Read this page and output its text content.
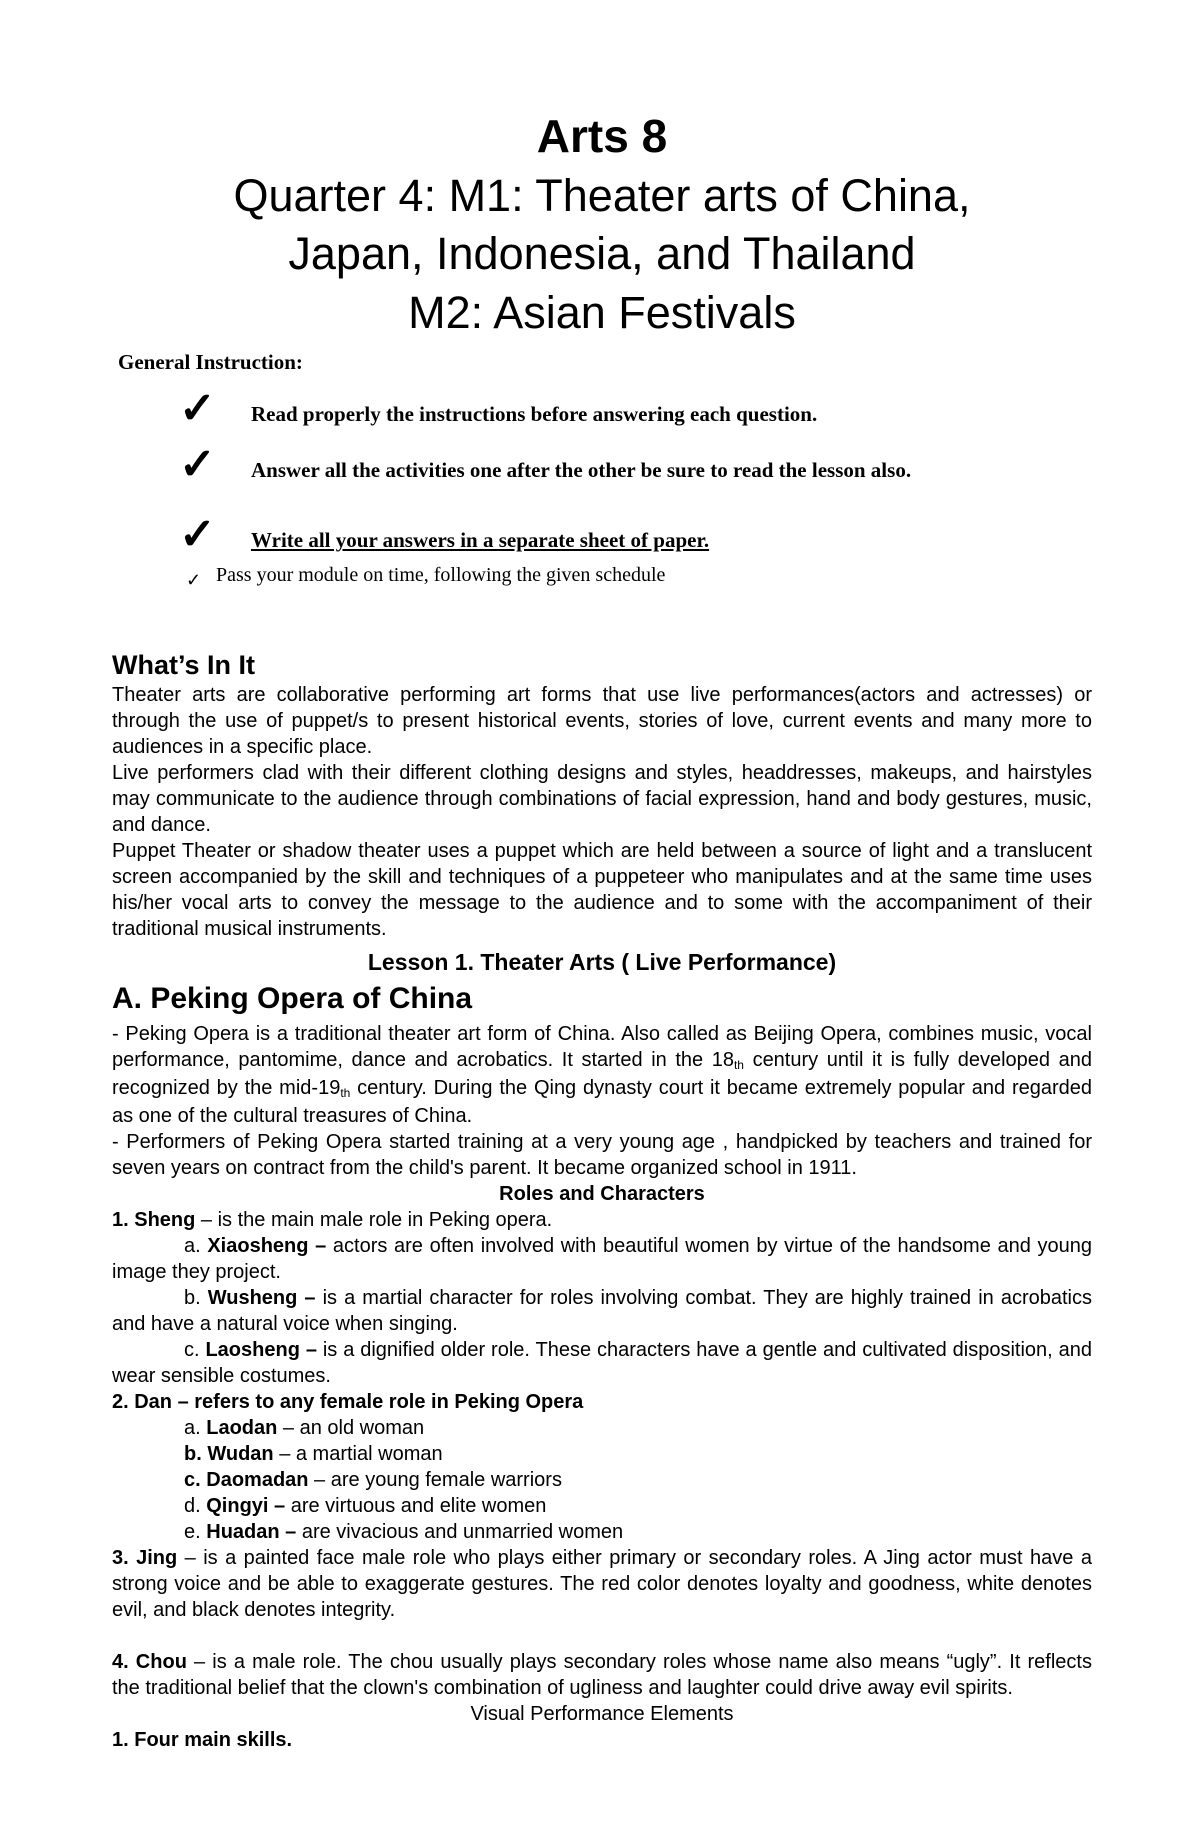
Arts 8
Quarter 4: M1: Theater arts of China,
Japan, Indonesia, and Thailand
M2: Asian Festivals
General Instruction:
✓	Read properly the instructions before answering each question.
✓	Answer all the activities one after the other be sure to read the lesson also.
✓	Write all your answers in a separate sheet of paper.
✓ Pass your module on time, following the given schedule
What’s In It

Theater arts are collaborative performing art forms that use live performances(actors and actresses) or through the use of puppet/s to present historical events, stories of love, current events and many more to audiences in a specific place.

Live performers clad with their different clothing designs and styles, headdresses, makeups, and hairstyles may communicate to the audience through combinations of facial expression, hand and body gestures, music, and dance.

Puppet Theater or shadow theater uses a puppet which are held between a source of light and a translucent screen accompanied by the skill and techniques of a puppeteer who manipulates and at the same time uses his/her vocal arts to convey the message to the audience and to some with the accompaniment of their traditional musical instruments.

Lesson 1. Theater Arts ( Live Performance)
A. Peking Opera of China

- Peking Opera is a traditional theater art form of China. Also called as Beijing Opera, combines music, vocal performance, pantomime, dance and acrobatics. It started in the 18th century until it is fully developed and recognized by the mid-19th century. During the Qing dynasty court it became extremely popular and regarded as one of the cultural treasures of China.

- Performers of Peking Opera started training at a very young age , handpicked by teachers and trained for seven years on contract from the child's parent. It became organized school in 1911.

Roles and Characters

1. Sheng – is the main male role in Peking opera.

a. Xiaosheng – actors are often involved with beautiful women by virtue of the handsome and young image they project.

b. Wusheng – is a martial character for roles involving combat. They are highly trained in acrobatics and have a natural voice when singing.

c. Laosheng – is a dignified older role. These characters have a gentle and cultivated disposition, and wear sensible costumes.

2. Dan – refers to any female role in Peking Opera

a. Laodan – an old woman

b. Wudan – a martial woman

c. Daomadan – are young female warriors

d. Qingyi – are virtuous and elite women

e. Huadan – are vivacious and unmarried women

3. Jing – is a painted face male role who plays either primary or secondary roles. A Jing actor must have a strong voice and be able to exaggerate gestures. The red color denotes loyalty and goodness, white denotes evil, and black denotes integrity.

4. Chou – is a male role. The chou usually plays secondary roles whose name also means “ugly”. It reflects the traditional belief that the clown's combination of ugliness and laughter could drive away evil spirits.

Visual Performance Elements

1. Four main skills.
